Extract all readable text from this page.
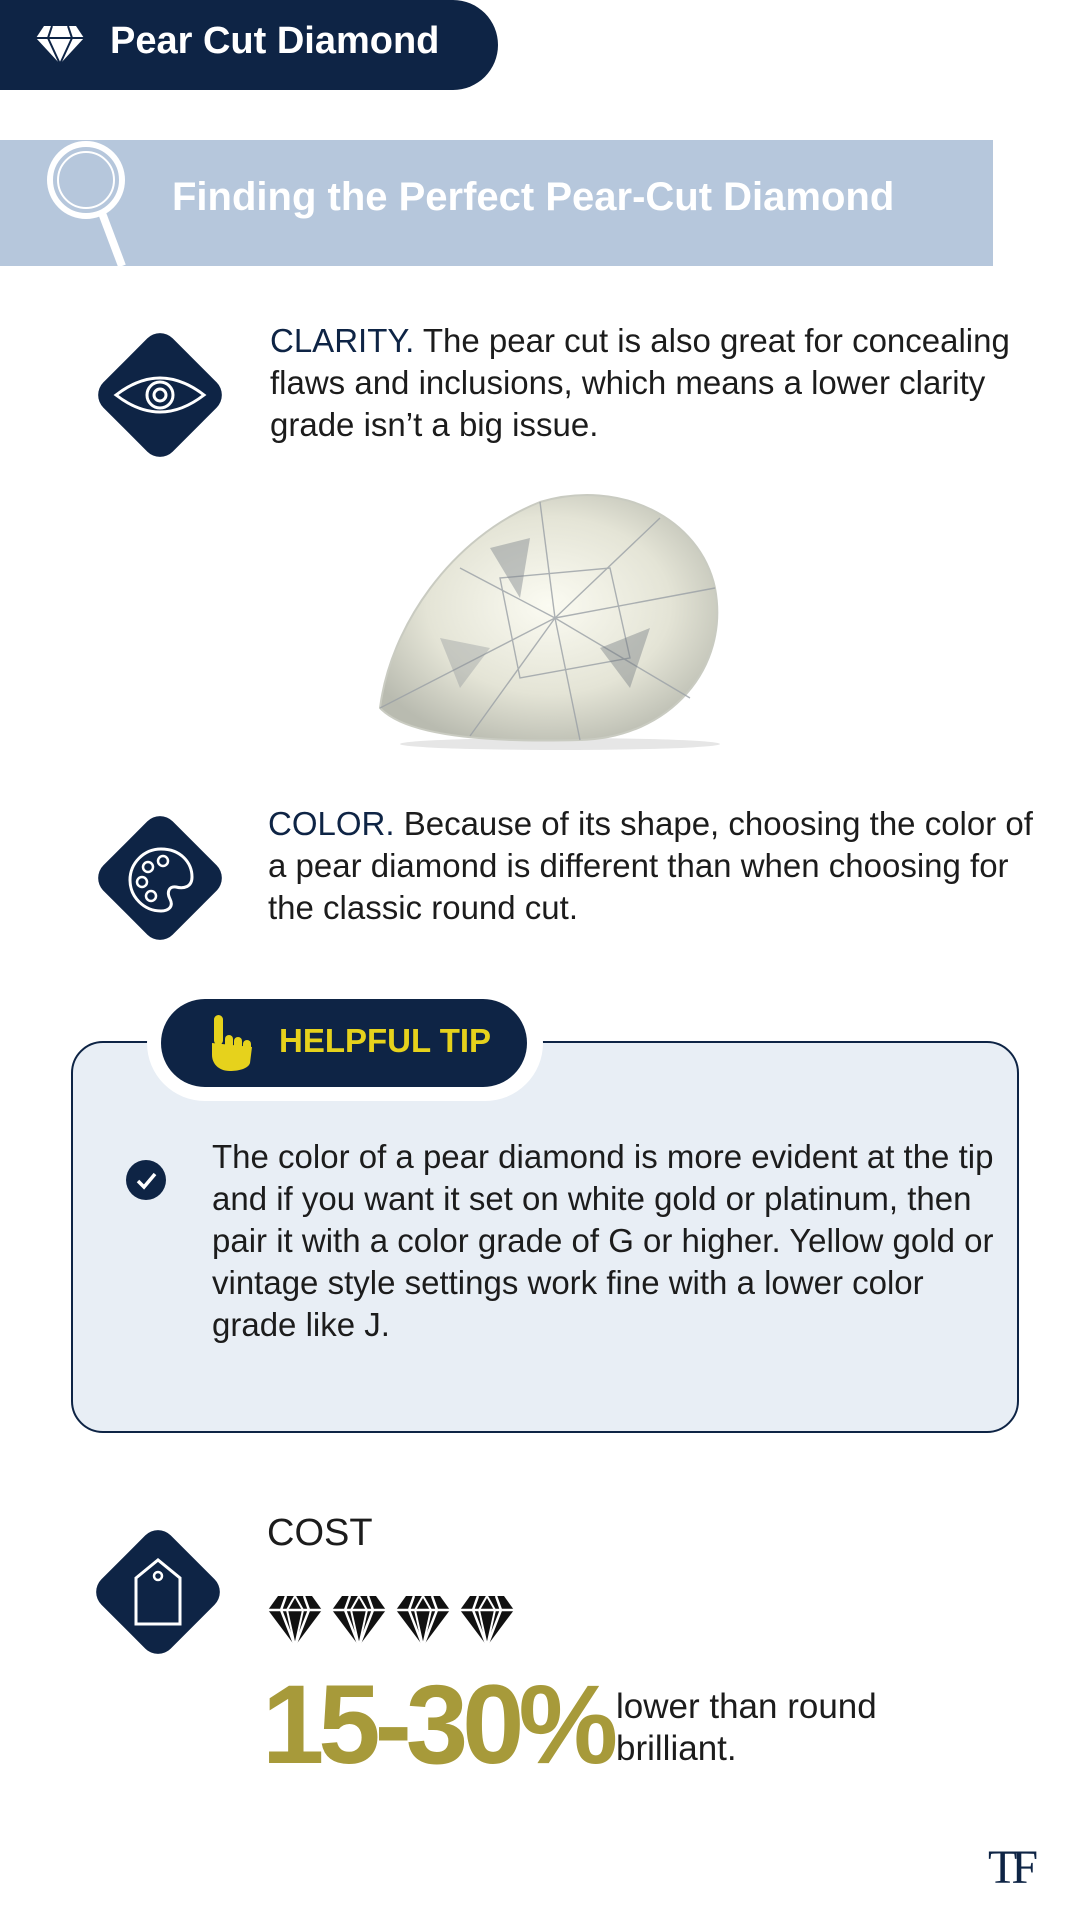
Pear Cut Diamond
Finding the Perfect Pear-Cut Diamond
CLARITY. The pear cut is also great for concealing flaws and inclusions, which means a lower clarity grade isn’t a big issue.
COLOR. Because of its shape, choosing the color of a pear diamond is different than when choosing for the classic round cut.
HELPFUL TIP
The color of a pear diamond is more evident at the tip and if you want it set on white gold or platinum, then pair it with a color grade of G or higher. Yellow gold or vintage style settings work fine with a lower color grade like J.
COST
15-30% lower than round brilliant.
TF
